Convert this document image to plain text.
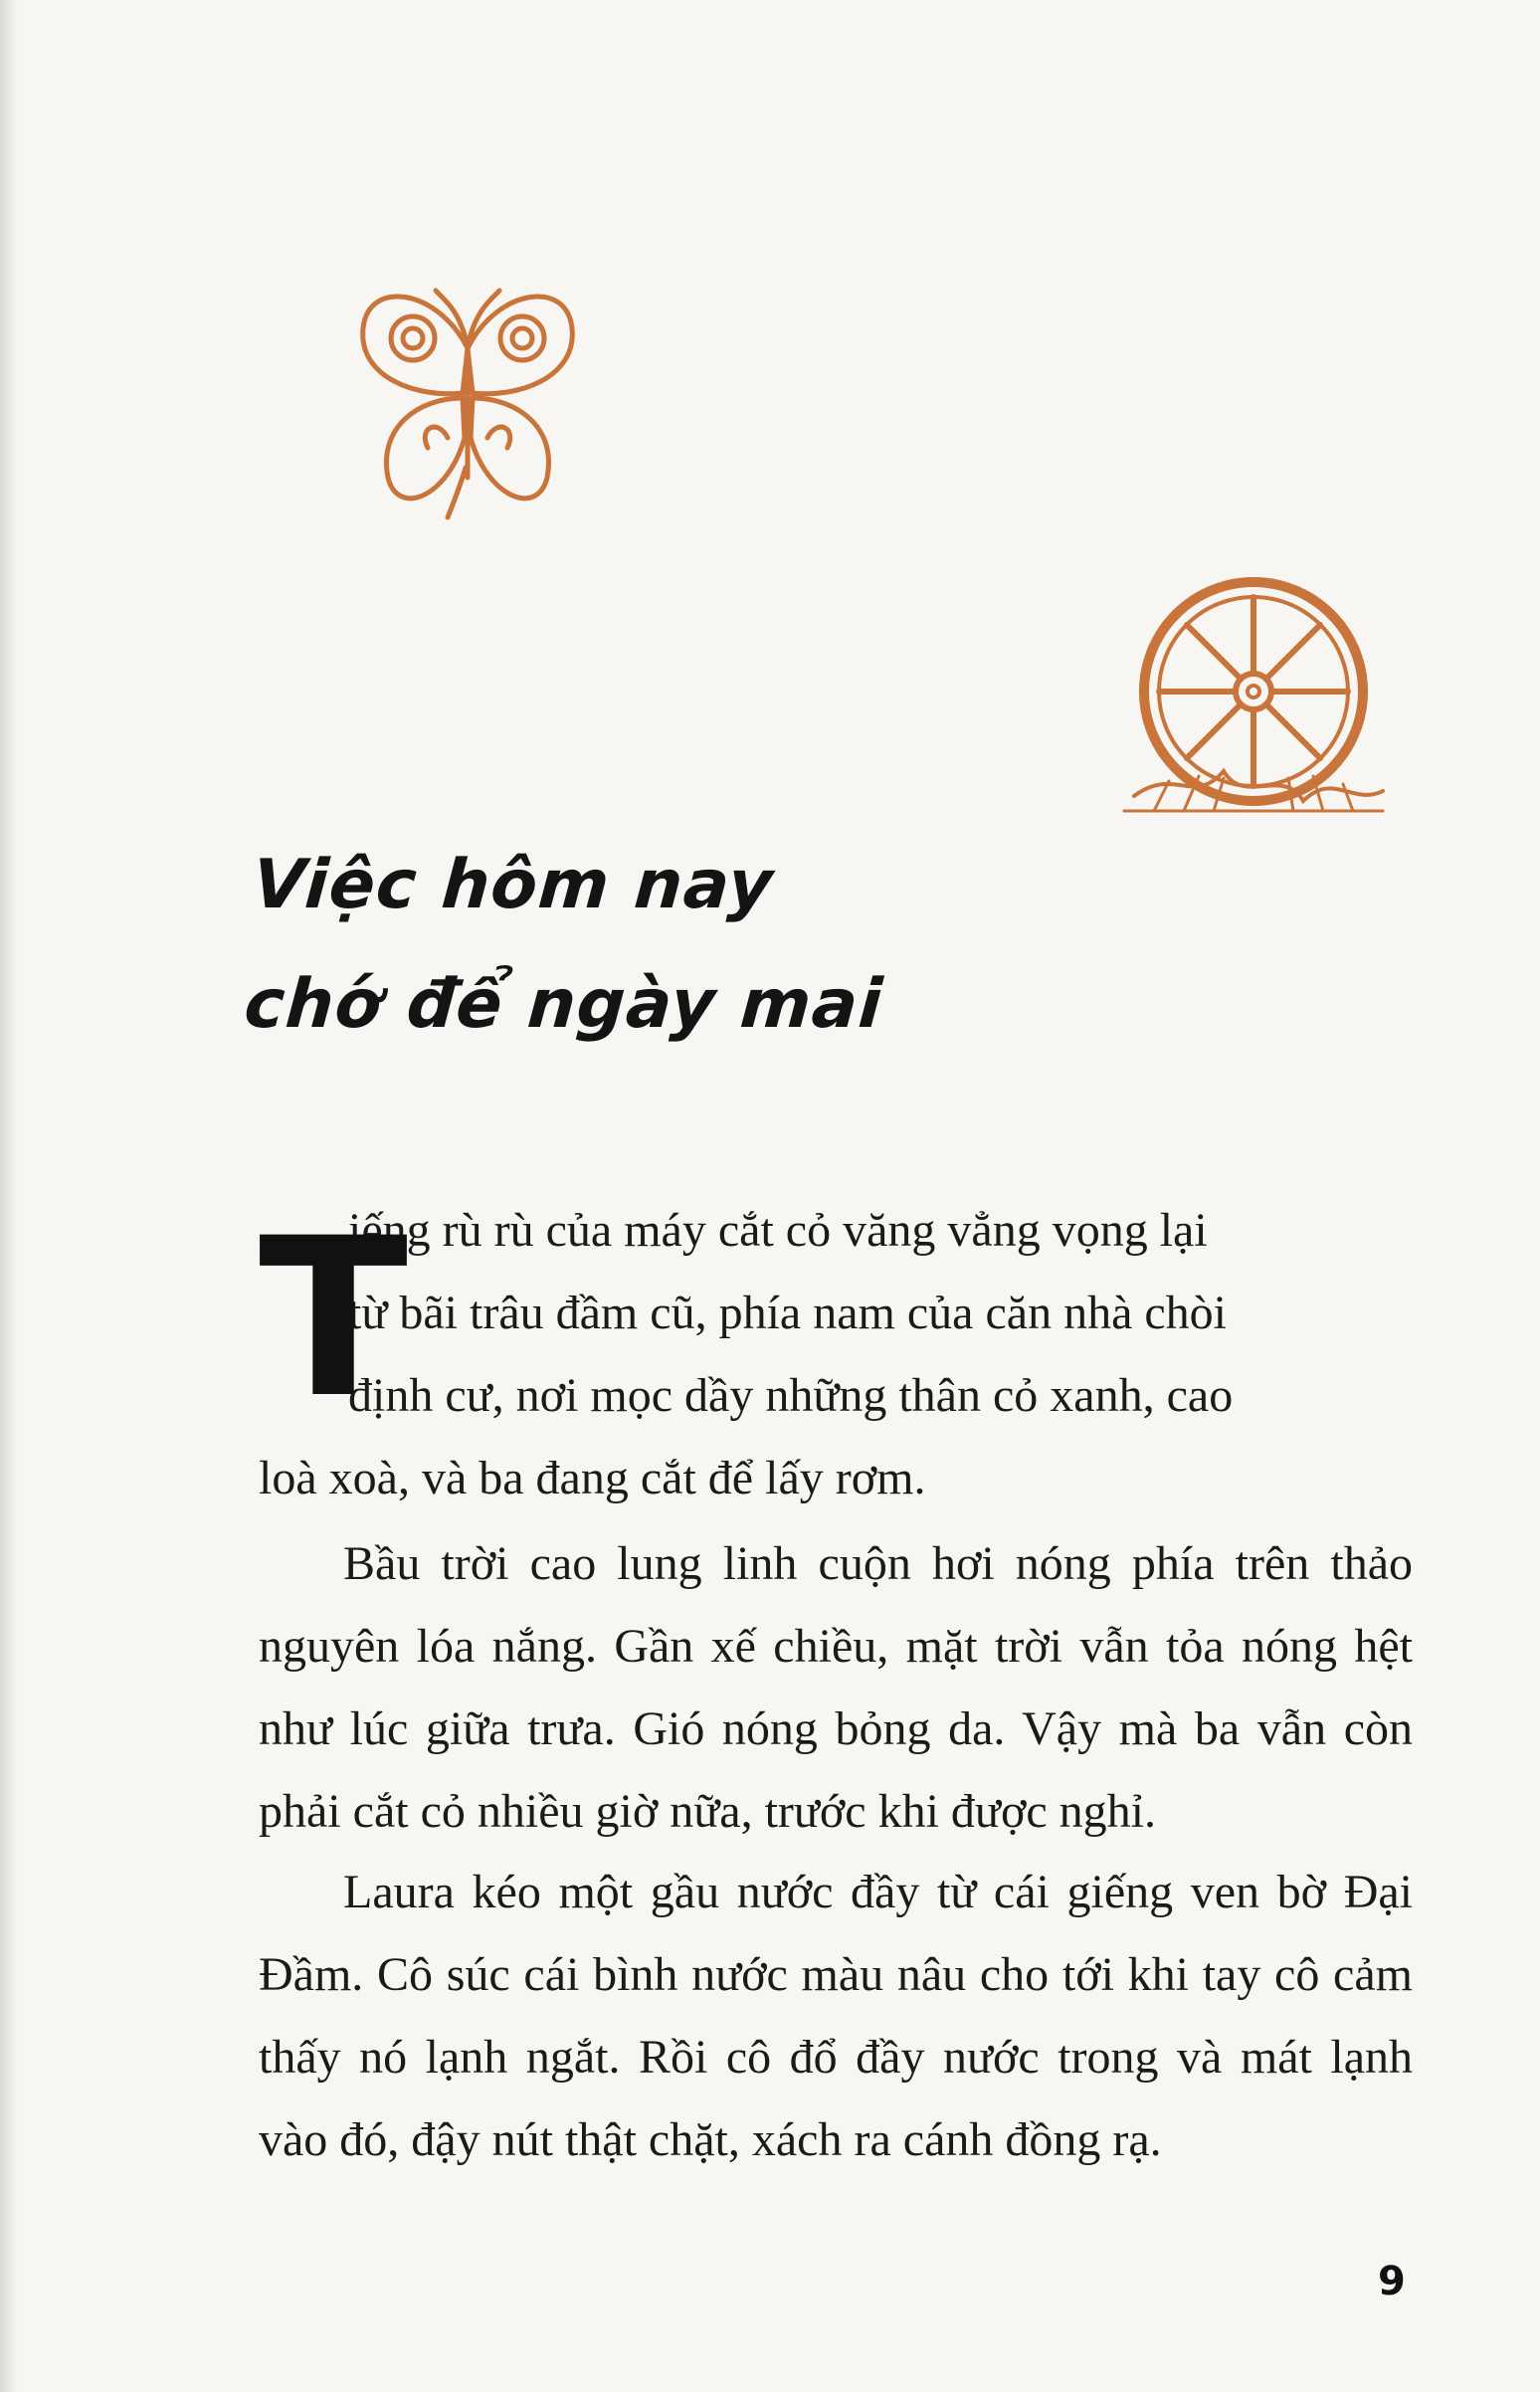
Việc hôm nay
chớ để ngày mai
T
iếng rù rù của máy cắt cỏ văng vẳng vọng lại
từ bãi trâu đầm cũ, phía nam của căn nhà chòi
định cư, nơi mọc dầy những thân cỏ xanh, cao
loà xoà, và ba đang cắt để lấy rơm.
Bầu trời cao lung linh cuộn hơi nóng phía trên thảo nguyên lóa nắng. Gần xế chiều, mặt trời vẫn tỏa nóng hệt như lúc giữa trưa. Gió nóng bỏng da. Vậy mà ba vẫn còn phải cắt cỏ nhiều giờ nữa, trước khi được nghỉ.
Laura kéo một gầu nước đầy từ cái giếng ven bờ Đại Đầm. Cô súc cái bình nước màu nâu cho tới khi tay cô cảm thấy nó lạnh ngắt. Rồi cô đổ đầy nước trong và mát lạnh vào đó, đậy nút thật chặt, xách ra cánh đồng rạ.
9
